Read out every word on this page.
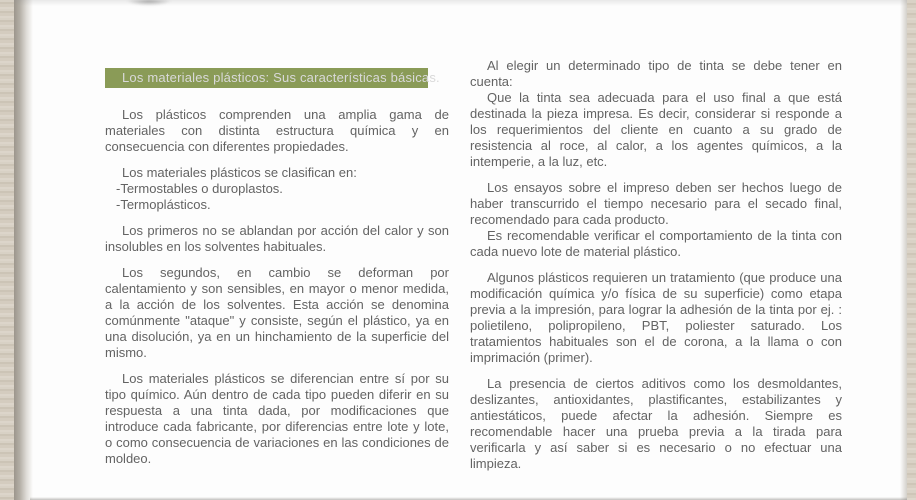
Los materiales plásticos: Sus características básicas.

Los plásticos comprenden una amplia gama de materiales con distinta estructura química y en consecuencia con diferentes propiedades.

Los materiales plásticos se clasifican en:
-Termostables o duroplastos.
-Termoplásticos.

Los primeros no se ablandan por acción del calor y son insolubles en los solventes habituales.

Los segundos, en cambio se deforman por calentamiento y son sensibles, en mayor o menor medida, a la acción de los solventes. Esta acción se denomina comúnmente "ataque" y consiste, según el plástico, ya en una disolución, ya en un hinchamiento de la superficie del mismo.

Los materiales plásticos se diferencian entre sí por su tipo químico. Aún dentro de cada tipo pueden diferir en su respuesta a una tinta dada, por modificaciones que introduce cada fabricante, por diferencias entre lote y lote, o como consecuencia de variaciones en las condiciones de moldeo.

Al elegir un determinado tipo de tinta se debe tener en cuenta:

Que la tinta sea adecuada para el uso final a que está destinada la pieza impresa. Es decir, considerar si responde a los requerimientos del cliente en cuanto a su grado de resistencia al roce, al calor, a los agentes químicos, a la intemperie, a la luz, etc.

Los ensayos sobre el impreso deben ser hechos luego de haber transcurrido el tiempo necesario para el secado final, recomendado para cada producto.

Es recomendable verificar el comportamiento de la tinta con cada nuevo lote de material plástico.

Algunos plásticos requieren un tratamiento (que produce una modificación química y/o física de su superficie) como etapa previa a la impresión, para lograr la adhesión de la tinta por ej. : polietileno, polipropileno, PBT, poliester saturado. Los tratamientos habituales son el de corona, a la llama o con imprimación (primer).

La presencia de ciertos aditivos como los desmoldantes, deslizantes, antioxidantes, plastificantes, estabilizantes y antiestáticos, puede afectar la adhesión. Siempre es recomendable hacer una prueba previa a la tirada para verificarla y así saber si es necesario o no efectuar una limpieza.
